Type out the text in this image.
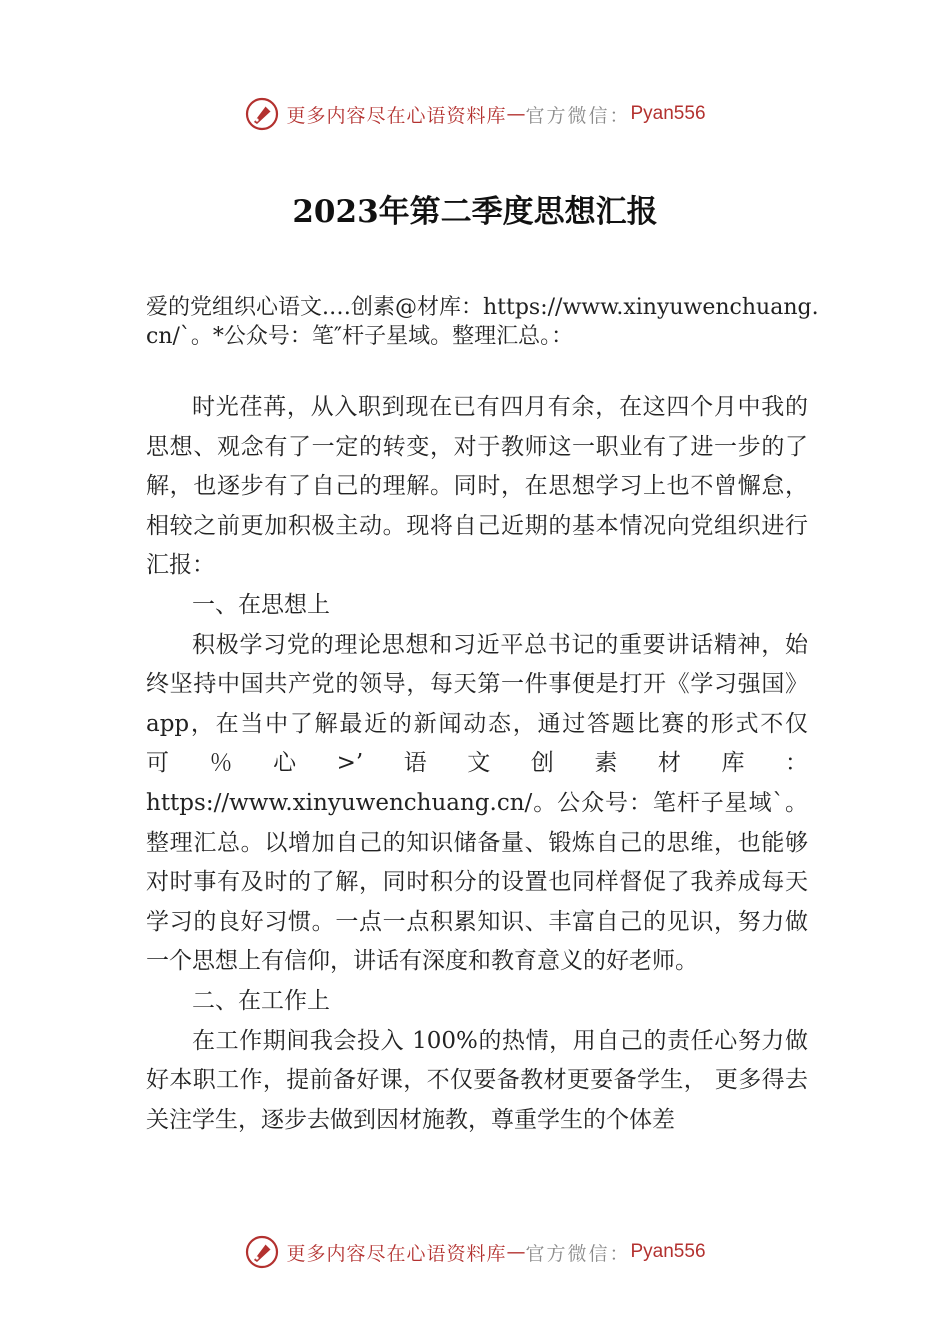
更多内容尽在心语资料库 — 官方微信： Pyan556
2023年第二季度思想汇报
爱的党组织心语文.…创素@材库：https://www.xinyuwenchuang.cn/`。*公众号：笔″杆子星域。整理汇总。：

时光荏苒，从入职到现在已有四月有余，在这四个月中我的思想、观念有了一定的转变，对于教师这一职业有了进一步的了解，也逐步有了自己的理解。同时，在思想学习上也不曾懈怠，相较之前更加积极主动。现将自己近期的基本情况向党组织进行汇报：

一、在思想上

积极学习党的理论思想和习近平总书记的重要讲话精神，始终坚持中国共产党的领导，每天第一件事便是打开《学习强国》app，在当中了解最近的新闻动态，通过答题比赛的形式不仅可％心>’语文创素材库：https://www.xinyuwenchuang.cn/。公众号：笔杆子星域`。整理汇总。以增加自己的知识储备量、锻炼自己的思维，也能够对时事有及时的了解，同时积分的设置也同样督促了我养成每天学习的良好习惯。一点一点积累知识、丰富自己的见识，努力做一个思想上有信仰，讲话有深度和教育意义的好老师。

二、在工作上

在工作期间我会投入 100%的热情，用自己的责任心努力做好本职工作，提前备好课，不仅要备教材更要备学生， 更多得去关注学生，逐步去做到因材施教，尊重学生的个体差

更多内容尽在心语资料库 — 官方微信： Pyan556
